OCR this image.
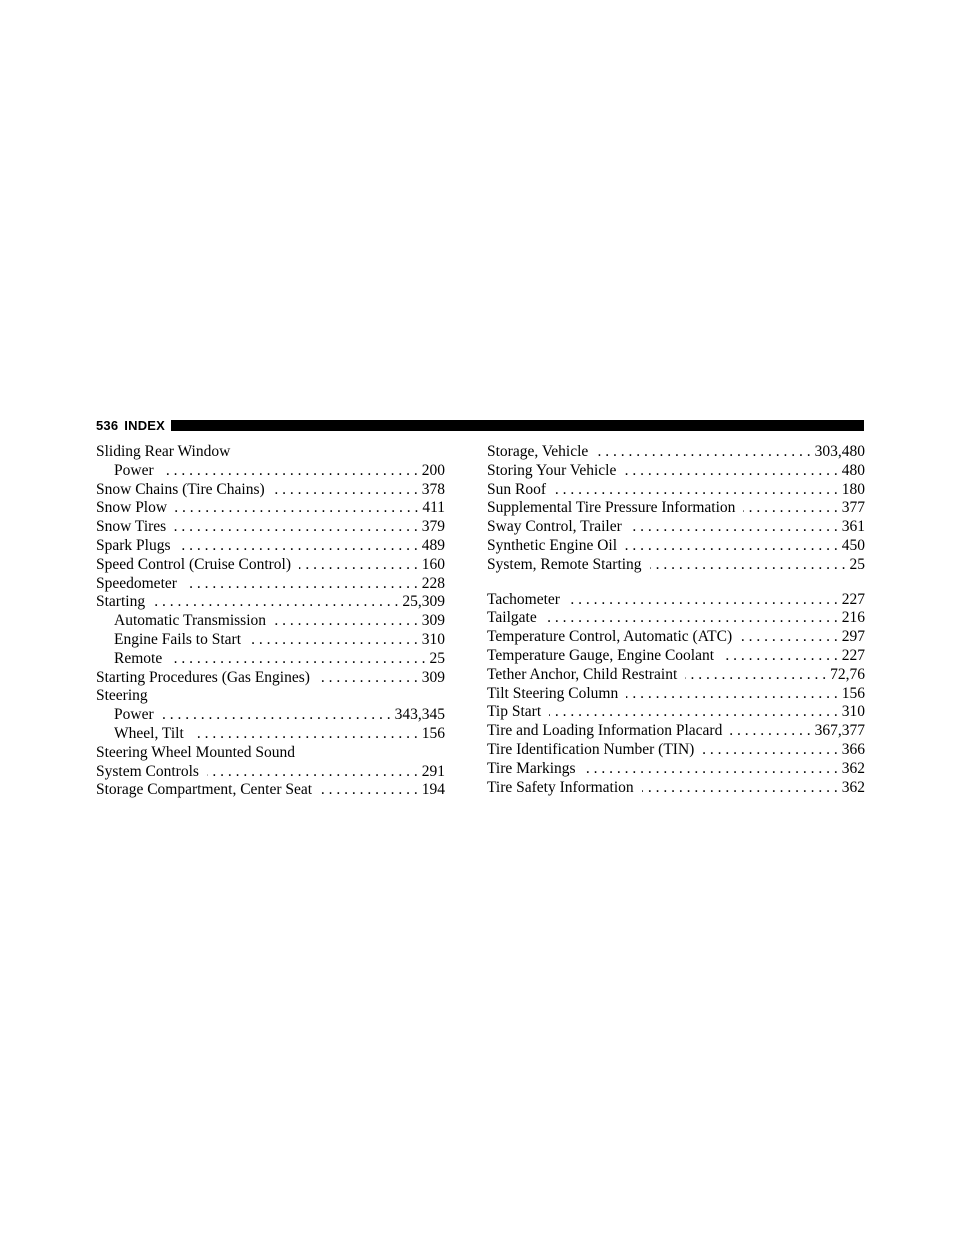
536 INDEX
Sliding Rear Window
Power . . .	200
Snow Chains (Tire Chains) . . .	378
Snow Plow . . .	411
Snow Tires . . .	379
Spark Plugs . . .	489
Speed Control (Cruise Control) . . .	160
Speedometer . . .	228
Starting . . .	25,309
Automatic Transmission . . .	309
Engine Fails to Start . . .	310
Remote . . .	25
Starting Procedures (Gas Engines) . . .	309
Steering
Power . . .	343,345
Wheel, Tilt . . .	156
Steering Wheel Mounted Sound
System Controls . . .	291
Storage Compartment, Center Seat . . .	194
Storage, Vehicle . . .	303,480
Storing Your Vehicle . . .	480
Sun Roof . . .	180
Supplemental Tire Pressure Information . . .	377
Sway Control, Trailer . . .	361
Synthetic Engine Oil . . .	450
System, Remote Starting . . .	25
Tachometer . . .	227
Tailgate . . .	216
Temperature Control, Automatic (ATC) . . .	297
Temperature Gauge, Engine Coolant . . .	227
Tether Anchor, Child Restraint . . .	72,76
Tilt Steering Column . . .	156
Tip Start . . .	310
Tire and Loading Information Placard . . .	367,377
Tire Identification Number (TIN) . . .	366
Tire Markings . . .	362
Tire Safety Information . . .	362
